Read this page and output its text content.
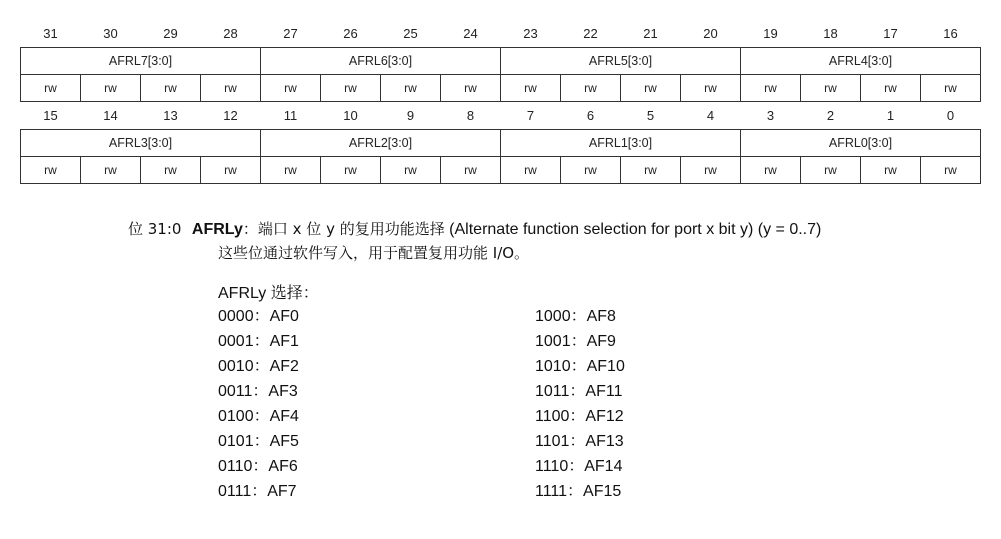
31	30	29	28	27	26	25	24	23	22	21	20	19	18	17	16
AFRL7[3:0]				AFRL6[3:0]				AFRL5[3:0]				AFRL4[3:0]			
rw	rw	rw	rw	rw	rw	rw	rw	rw	rw	rw	rw	rw	rw	rw	rw
15	14	13	12	11	10	9	8	7	6	5	4	3	2	1	0
AFRL3[3:0]				AFRL2[3:0]				AFRL1[3:0]				AFRL0[3:0]			
rw	rw	rw	rw	rw	rw	rw	rw	rw	rw	rw	rw	rw	rw	rw	rw
位 31:0 AFRLy：端口 x 位 y 的复用功能选择 (Alternate function selection for port x bit y) (y = 0..7)
这些位通过软件写入，用于配置复用功能 I/O。
AFRLy 选择：
0000：AF0
0001：AF1
0010：AF2
0011：AF3
0100：AF4
0101：AF5
0110：AF6
0111：AF7
1000：AF8
1001：AF9
1010：AF10
1011：AF11
1100：AF12
1101：AF13
1110：AF14
1111：AF15
